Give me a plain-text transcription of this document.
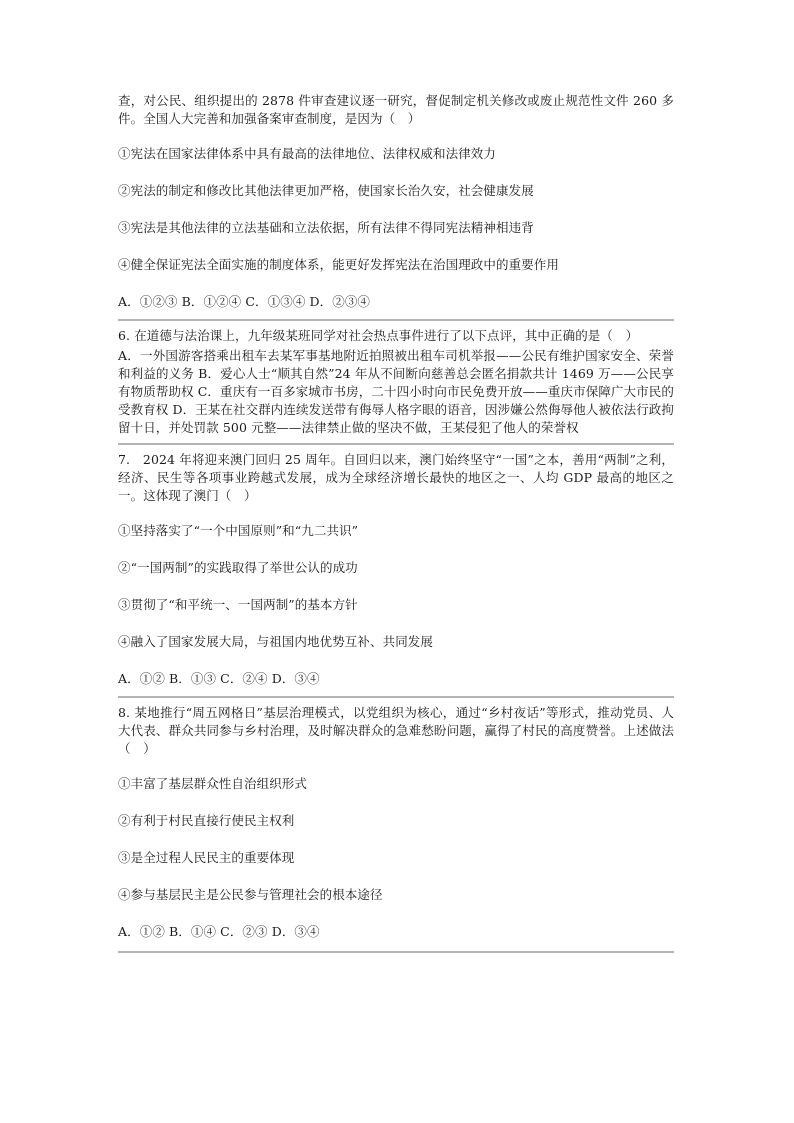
查，对公民、组织提出的 2878 件审查建议逐一研究，督促制定机关修改或废止规范性文件 260 多件。全国人大完善和加强备案审查制度，是因为（　）

①宪法在国家法律体系中具有最高的法律地位、法律权威和法律效力

②宪法的制定和修改比其他法律更加严格，使国家长治久安，社会健康发展

③宪法是其他法律的立法基础和立法依据，所有法律不得同宪法精神相违背

④健全保证宪法全面实施的制度体系，能更好发挥宪法在治国理政中的重要作用

A．①②③ B．①②④ C．①③④ D．②③④

6. 在道德与法治课上，九年级某班同学对社会热点事件进行了以下点评，其中正确的是（　）

A．一外国游客搭乘出租车去某军事基地附近拍照被出租车司机举报——公民有维护国家安全、荣誉和利益的义务 B．爱心人士“顺其自然”24 年从不间断向慈善总会匿名捐款共计 1469 万——公民享有物质帮助权 C．重庆有一百多家城市书房，二十四小时向市民免费开放——重庆市保障广大市民的受教育权 D．王某在社交群内连续发送带有侮辱人格字眼的语音，因涉嫌公然侮辱他人被依法行政拘留十日，并处罚款 500 元整——法律禁止做的坚决不做，王某侵犯了他人的荣誉权

7.　2024 年将迎来澳门回归 25 周年。自回归以来，澳门始终坚守“一国”之本，善用“两制”之利，经济、民生等各项事业跨越式发展，成为全球经济增长最快的地区之一、人均 GDP 最高的地区之一。这体现了澳门（　）

①坚持落实了“一个中国原则”和“九二共识”

②“一国两制”的实践取得了举世公认的成功

③贯彻了“和平统一、一国两制”的基本方针

④融入了国家发展大局，与祖国内地优势互补、共同发展

A．①② B．①③ C．②④ D．③④

8. 某地推行“周五网格日”基层治理模式，以党组织为核心，通过“乡村夜话”等形式，推动党员、人大代表、群众共同参与乡村治理，及时解决群众的急难愁盼问题，赢得了村民的高度赞誉。上述做法（　）

①丰富了基层群众性自治组织形式

②有利于村民直接行使民主权利

③是全过程人民民主的重要体现

④参与基层民主是公民参与管理社会的根本途径

A．①② B．①④ C．②③ D．③④
